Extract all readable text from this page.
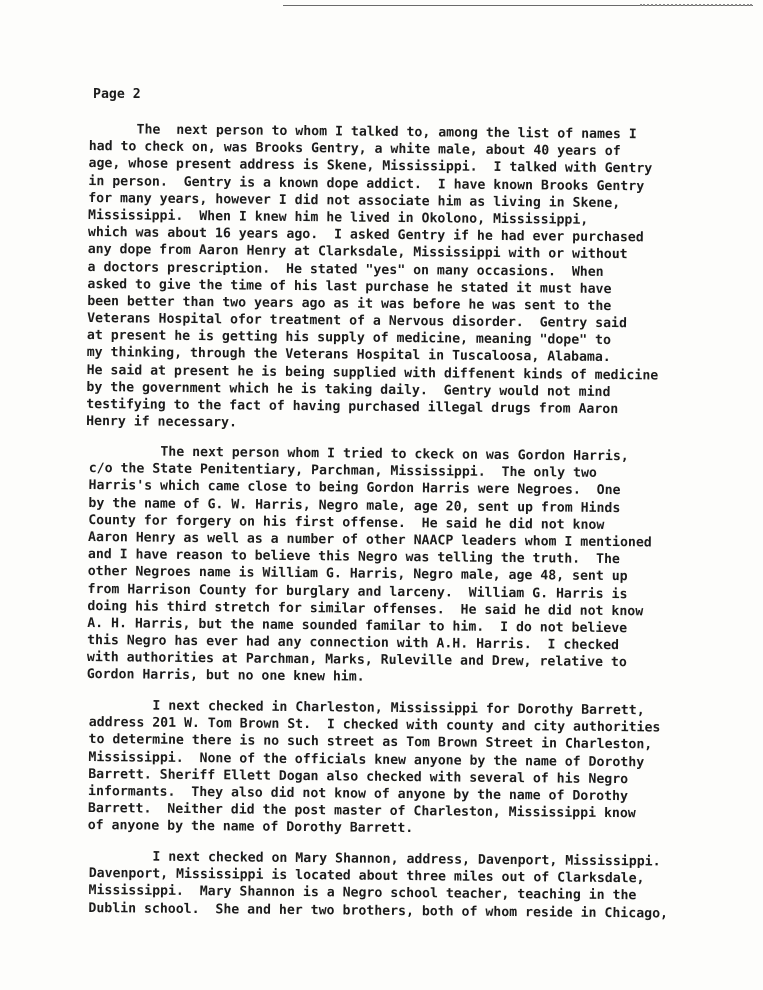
Page 2
The  next person to whom I talked to, among the list of names I
had to check on, was Brooks Gentry, a white male, about 40 years of
age, whose present address is Skene, Mississippi.  I talked with Gentry
in person.  Gentry is a known dope addict.  I have known Brooks Gentry
for many years, however I did not associate him as living in Skene,
Mississippi.  When I knew him he lived in Okolono, Mississippi,
which was about 16 years ago.  I asked Gentry if he had ever purchased
any dope from Aaron Henry at Clarksdale, Mississippi with or without
a doctors prescription.  He stated "yes" on many occasions.  When
asked to give the time of his last purchase he stated it must have
been better than two years ago as it was before he was sent to the
Veterans Hospital ofor treatment of a Nervous disorder.  Gentry said
at present he is getting his supply of medicine, meaning "dope" to
my thinking, through the Veterans Hospital in Tuscaloosa, Alabama.
He said at present he is being supplied with diffenent kinds of medicine
by the government which he is taking daily.  Gentry would not mind
testifying to the fact of having purchased illegal drugs from Aaron
Henry if necessary.
The next person whom I tried to ckeck on was Gordon Harris,
c/o the State Penitentiary, Parchman, Mississippi.  The only two
Harris's which came close to being Gordon Harris were Negroes.  One
by the name of G. W. Harris, Negro male, age 20, sent up from Hinds
County for forgery on his first offense.  He said he did not know
Aaron Henry as well as a number of other NAACP leaders whom I mentioned
and I have reason to believe this Negro was telling the truth.  The
other Negroes name is William G. Harris, Negro male, age 48, sent up
from Harrison County for burglary and larceny.  William G. Harris is
doing his third stretch for similar offenses.  He said he did not know
A. H. Harris, but the name sounded familar to him.  I do not believe
this Negro has ever had any connection with A.H. Harris.  I checked
with authorities at Parchman, Marks, Ruleville and Drew, relative to
Gordon Harris, but no one knew him.
I next checked in Charleston, Mississippi for Dorothy Barrett,
address 201 W. Tom Brown St.  I checked with county and city authorities
to determine there is no such street as Tom Brown Street in Charleston,
Mississippi.  None of the officials knew anyone by the name of Dorothy
Barrett. Sheriff Ellett Dogan also checked with several of his Negro
informants.  They also did not know of anyone by the name of Dorothy
Barrett.  Neither did the post master of Charleston, Mississippi know
of anyone by the name of Dorothy Barrett.
I next checked on Mary Shannon, address, Davenport, Mississippi.
Davenport, Mississippi is located about three miles out of Clarksdale,
Mississippi.  Mary Shannon is a Negro school teacher, teaching in the
Dublin school.  She and her two brothers, both of whom reside in Chicago,
